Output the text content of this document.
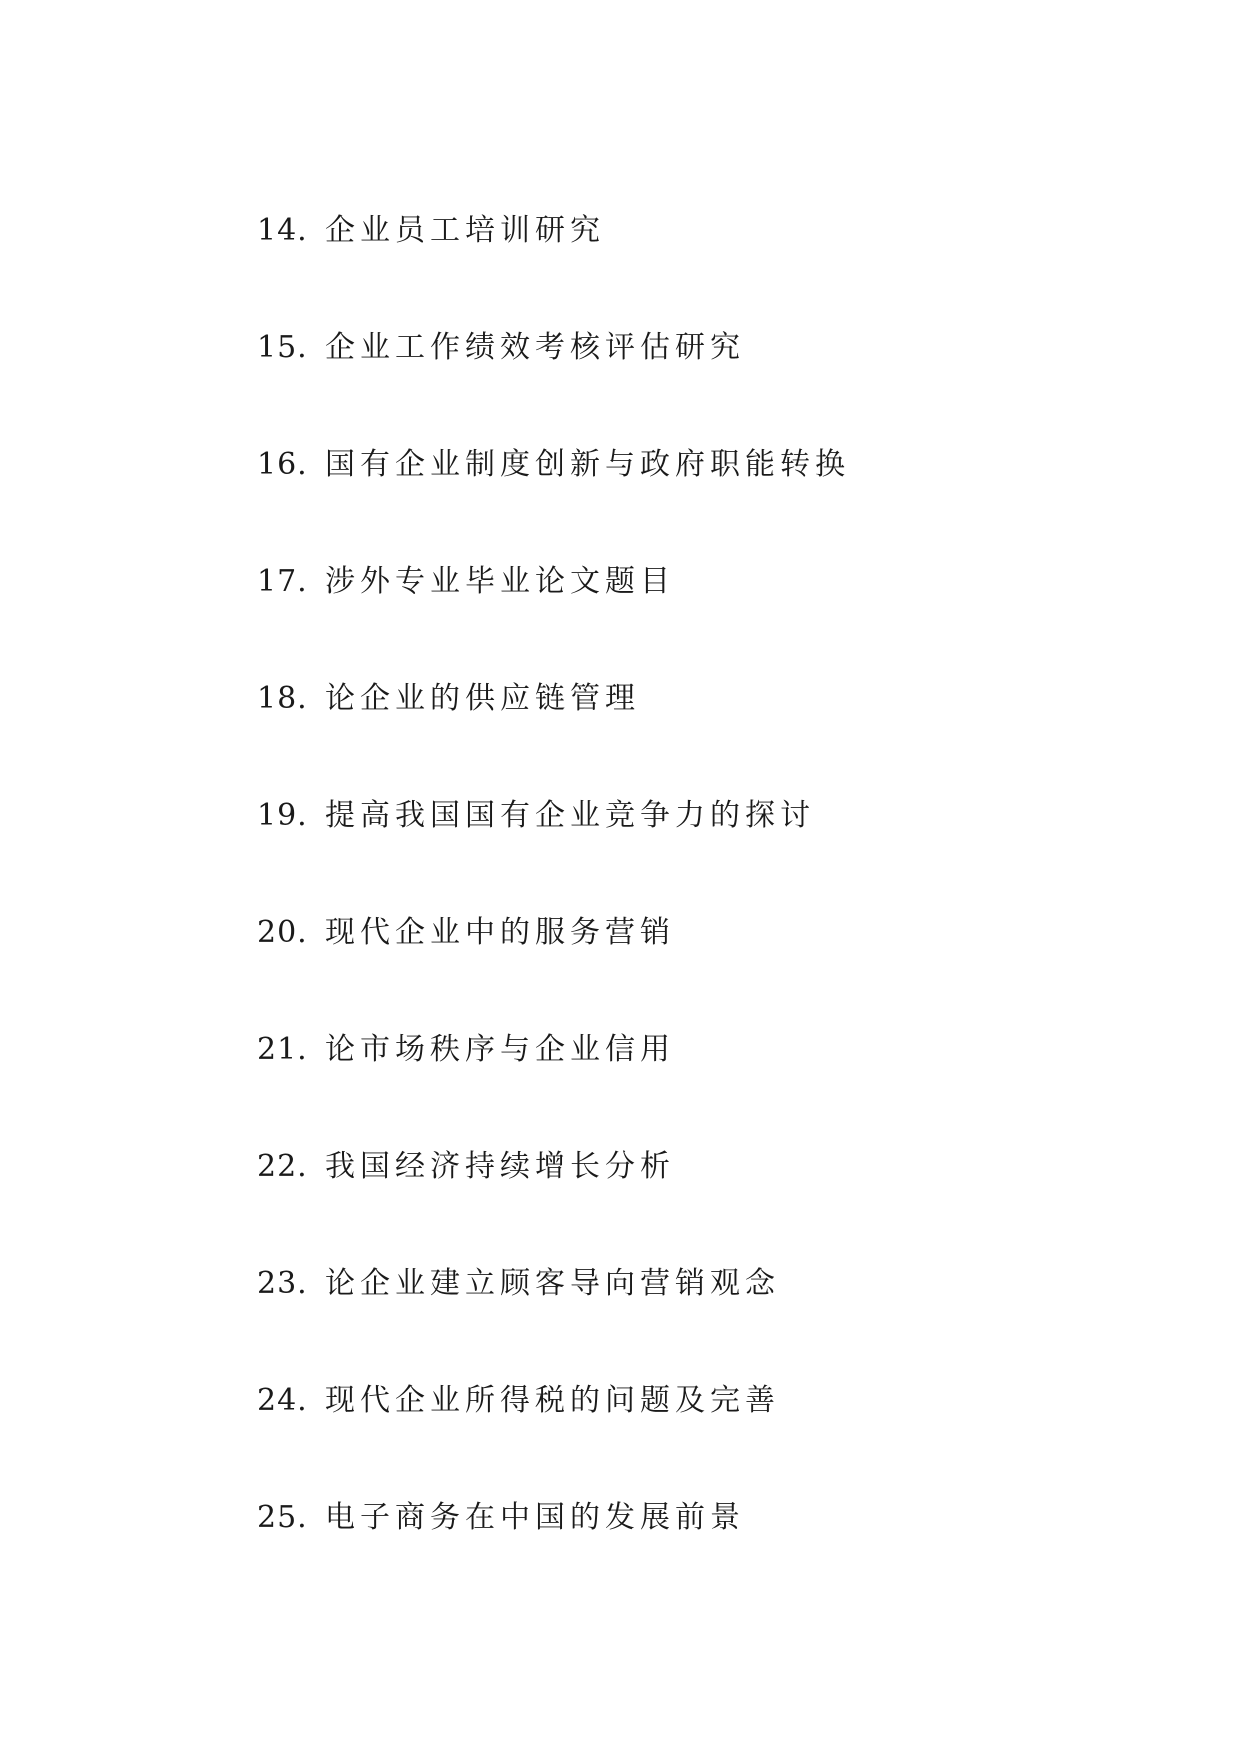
14. 企业员工培训研究
15. 企业工作绩效考核评估研究
16. 国有企业制度创新与政府职能转换
17. 涉外专业毕业论文题目
18. 论企业的供应链管理
19. 提高我国国有企业竞争力的探讨
20. 现代企业中的服务营销
21. 论市场秩序与企业信用
22. 我国经济持续增长分析
23. 论企业建立顾客导向营销观念
24. 现代企业所得税的问题及完善
25. 电子商务在中国的发展前景
